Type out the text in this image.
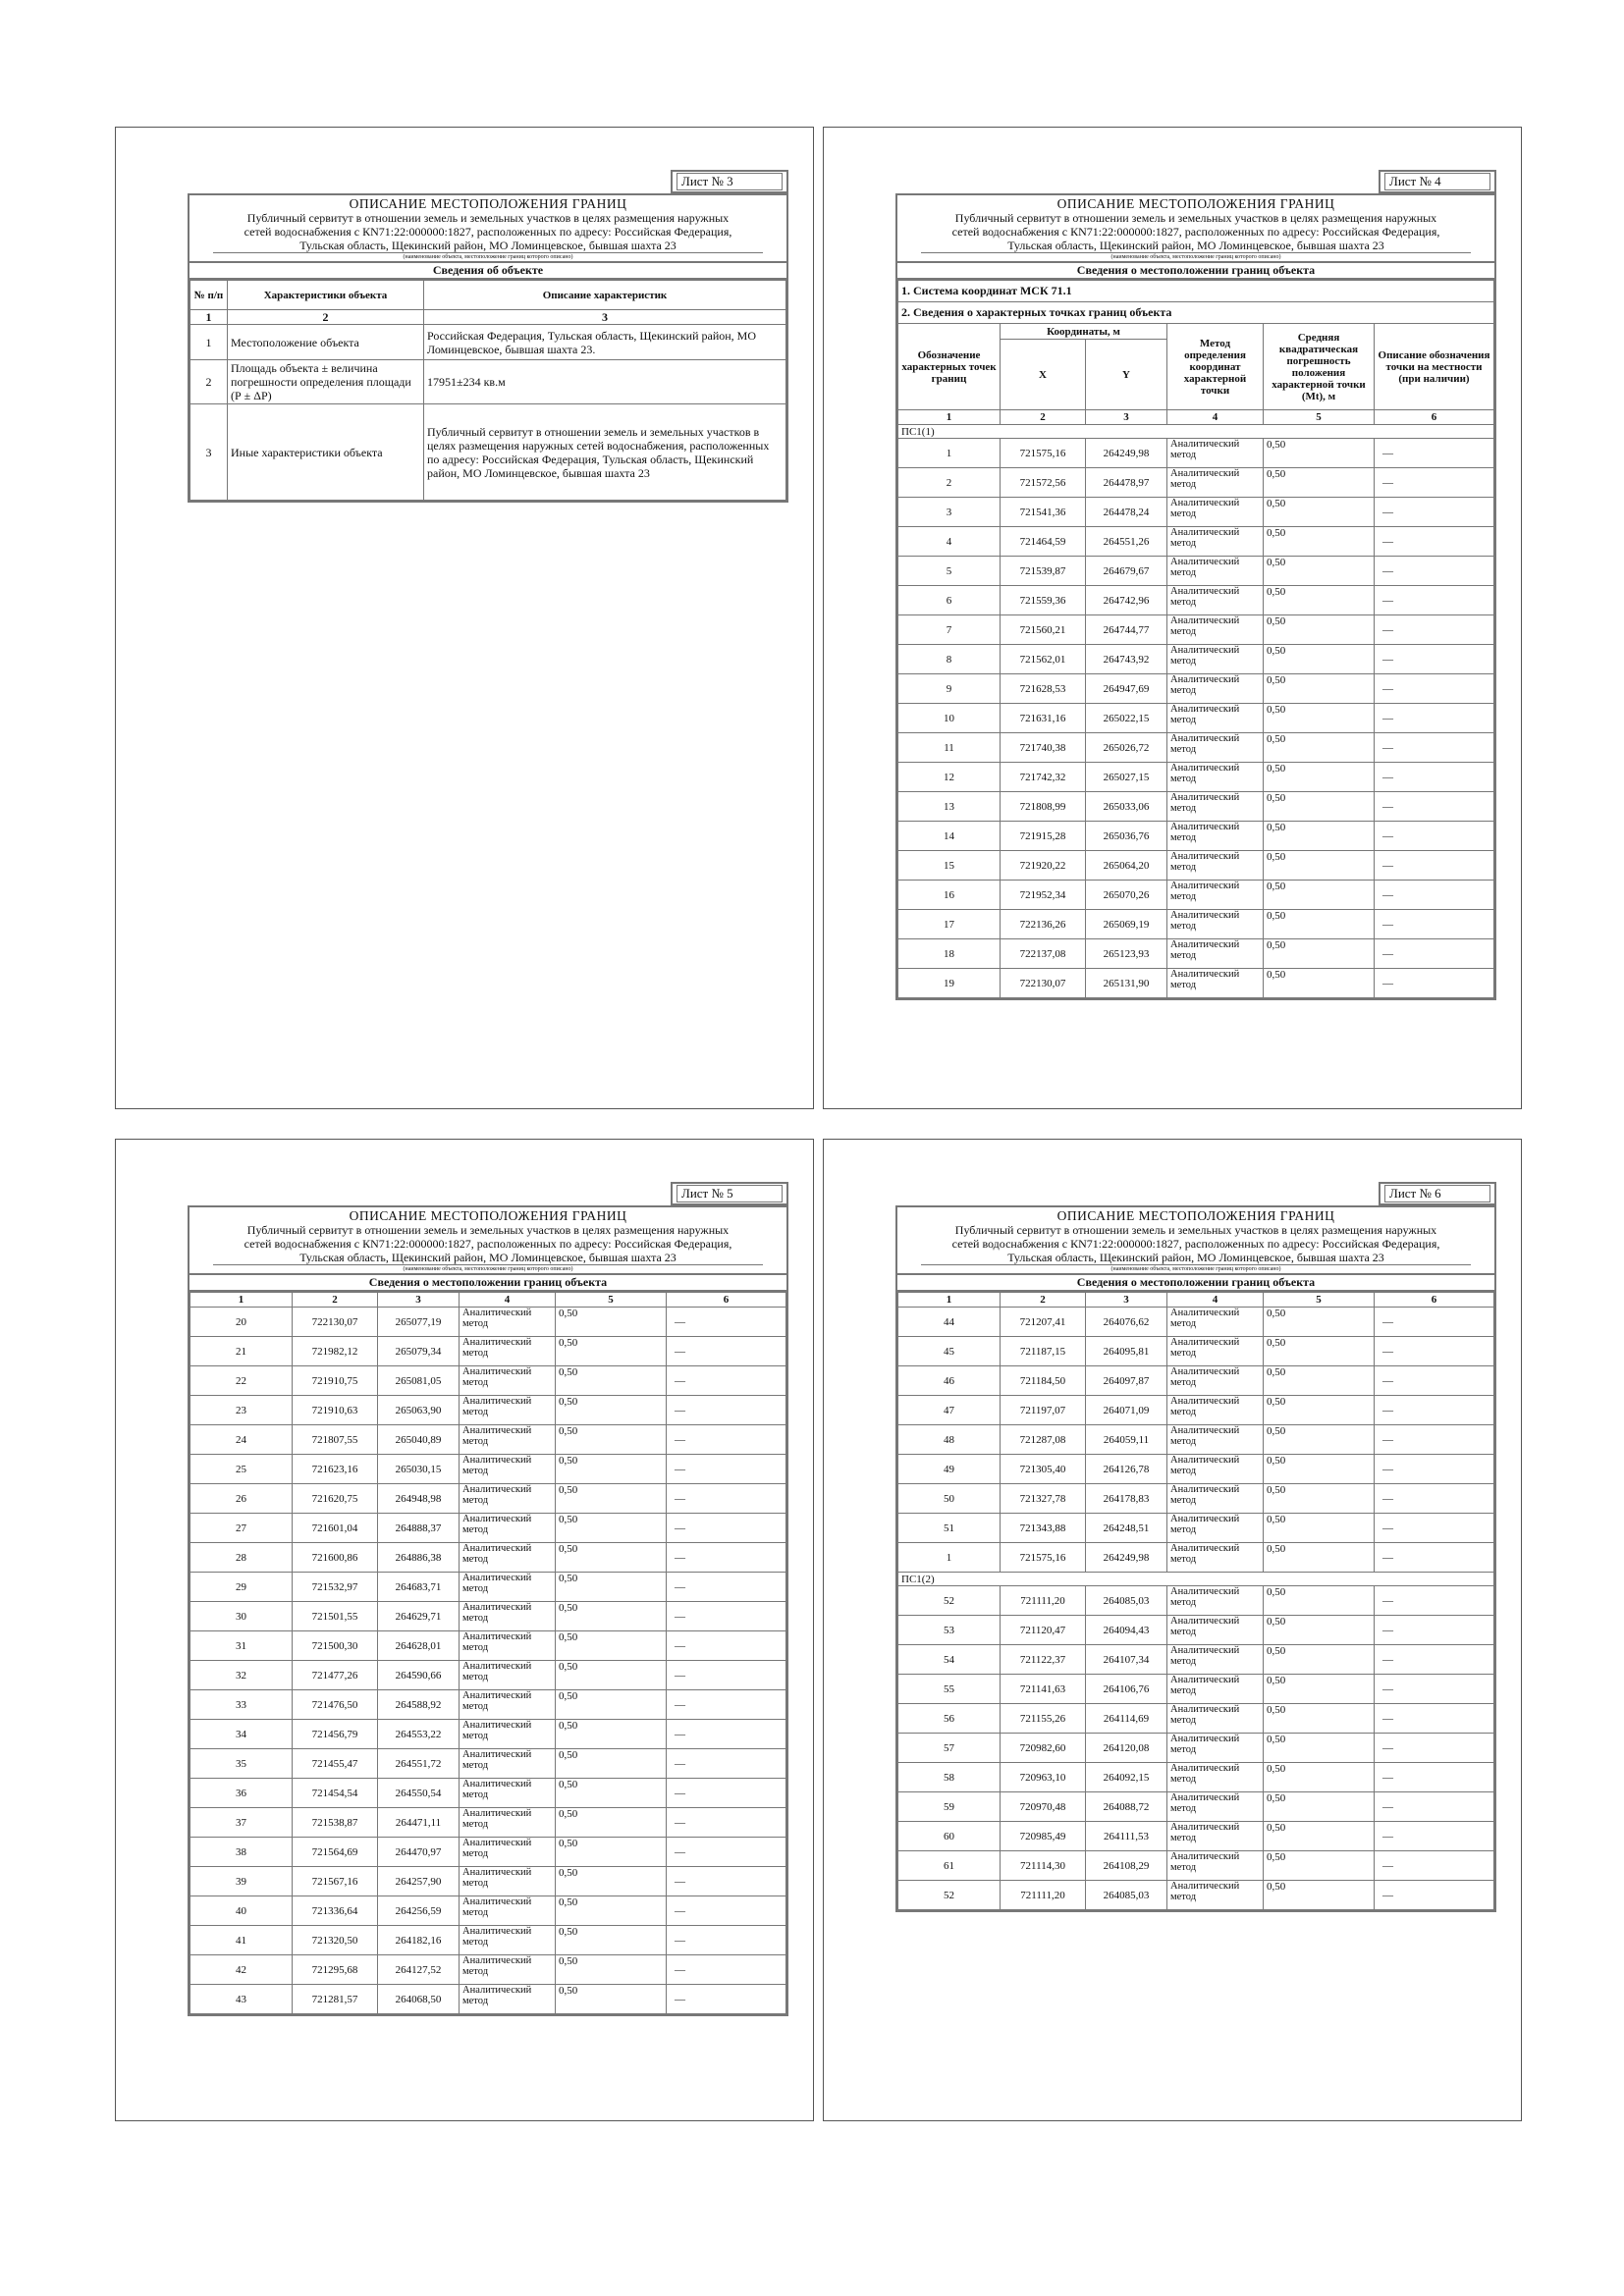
Лист № 3
ОПИСАНИЕ МЕСТОПОЛОЖЕНИЯ ГРАНИЦ
Публичный сервитут в отношении земель и земельных участков в целях размещения наружных
сетей водоснабжения с КN71:22:000000:1827, расположенных по адресу: Российская Федерация,
Тульская область, Щекинский район, МО Ломинцевское, бывшая шахта 23
(наименование объекта, местоположение границ которого описано)
Сведения об объекте
№ п/п	Характеристики объекта	Описание характеристик
1	2	3
1	Местоположение объекта	Российская Федерация, Тульская область, Щекинский район, МО Ломинцевское, бывшая шахта 23.
2	Площадь объекта ± величина погрешности определения площади (Р ± ΔР)	17951±234 кв.м
3	Иные характеристики объекта	Публичный сервитут в отношении земель и земельных участков в целях размещения наружных сетей водоснабжения, расположенных по адресу: Российская Федерация, Тульская область, Щекинский район, МО Ломинцевское, бывшая шахта 23
Лист № 4
ОПИСАНИЕ МЕСТОПОЛОЖЕНИЯ ГРАНИЦ
Публичный сервитут в отношении земель и земельных участков в целях размещения наружных
сетей водоснабжения с КN71:22:000000:1827, расположенных по адресу: Российская Федерация,
Тульская область, Щекинский район, МО Ломинцевское, бывшая шахта 23
(наименование объекта, местоположение границ которого описано)
Сведения о местоположении границ объекта
1. Система координат МСК 71.1					
2. Сведения о характерных точках границ объекта					
Обозначение характерных точек границ	Координаты, м		Метод определения координат характерной точки	Средняя квадратическая погрешность положения характерной точки (Mt), м	Описание обозначения точки на местности (при наличии)
	X	Y			
1	2	3	4	5	6
ПС1(1)					
1	721575,16	264249,98	Аналитический метод	0,50	—
2	721572,56	264478,97	Аналитический метод	0,50	—
3	721541,36	264478,24	Аналитический метод	0,50	—
4	721464,59	264551,26	Аналитический метод	0,50	—
5	721539,87	264679,67	Аналитический метод	0,50	—
6	721559,36	264742,96	Аналитический метод	0,50	—
7	721560,21	264744,77	Аналитический метод	0,50	—
8	721562,01	264743,92	Аналитический метод	0,50	—
9	721628,53	264947,69	Аналитический метод	0,50	—
10	721631,16	265022,15	Аналитический метод	0,50	—
11	721740,38	265026,72	Аналитический метод	0,50	—
12	721742,32	265027,15	Аналитический метод	0,50	—
13	721808,99	265033,06	Аналитический метод	0,50	—
14	721915,28	265036,76	Аналитический метод	0,50	—
15	721920,22	265064,20	Аналитический метод	0,50	—
16	721952,34	265070,26	Аналитический метод	0,50	—
17	722136,26	265069,19	Аналитический метод	0,50	—
18	722137,08	265123,93	Аналитический метод	0,50	—
19	722130,07	265131,90	Аналитический метод	0,50	—
Лист № 5
ОПИСАНИЕ МЕСТОПОЛОЖЕНИЯ ГРАНИЦ
Публичный сервитут в отношении земель и земельных участков в целях размещения наружных
сетей водоснабжения с КN71:22:000000:1827, расположенных по адресу: Российская Федерация,
Тульская область, Щекинский район, МО Ломинцевское, бывшая шахта 23
(наименование объекта, местоположение границ которого описано)
Сведения о местоположении границ объекта
1	2	3	4	5	6
20	722130,07	265077,19	Аналитический метод	0,50	—
21	721982,12	265079,34	Аналитический метод	0,50	—
22	721910,75	265081,05	Аналитический метод	0,50	—
23	721910,63	265063,90	Аналитический метод	0,50	—
24	721807,55	265040,89	Аналитический метод	0,50	—
25	721623,16	265030,15	Аналитический метод	0,50	—
26	721620,75	264948,98	Аналитический метод	0,50	—
27	721601,04	264888,37	Аналитический метод	0,50	—
28	721600,86	264886,38	Аналитический метод	0,50	—
29	721532,97	264683,71	Аналитический метод	0,50	—
30	721501,55	264629,71	Аналитический метод	0,50	—
31	721500,30	264628,01	Аналитический метод	0,50	—
32	721477,26	264590,66	Аналитический метод	0,50	—
33	721476,50	264588,92	Аналитический метод	0,50	—
34	721456,79	264553,22	Аналитический метод	0,50	—
35	721455,47	264551,72	Аналитический метод	0,50	—
36	721454,54	264550,54	Аналитический метод	0,50	—
37	721538,87	264471,11	Аналитический метод	0,50	—
38	721564,69	264470,97	Аналитический метод	0,50	—
39	721567,16	264257,90	Аналитический метод	0,50	—
40	721336,64	264256,59	Аналитический метод	0,50	—
41	721320,50	264182,16	Аналитический метод	0,50	—
42	721295,68	264127,52	Аналитический метод	0,50	—
43	721281,57	264068,50	Аналитический метод	0,50	—
Лист № 6
ОПИСАНИЕ МЕСТОПОЛОЖЕНИЯ ГРАНИЦ
Публичный сервитут в отношении земель и земельных участков в целях размещения наружных
сетей водоснабжения с КN71:22:000000:1827, расположенных по адресу: Российская Федерация,
Тульская область, Щекинский район, МО Ломинцевское, бывшая шахта 23
(наименование объекта, местоположение границ которого описано)
Сведения о местоположении границ объекта
1	2	3	4	5	6
44	721207,41	264076,62	Аналитический метод	0,50	—
45	721187,15	264095,81	Аналитический метод	0,50	—
46	721184,50	264097,87	Аналитический метод	0,50	—
47	721197,07	264071,09	Аналитический метод	0,50	—
48	721287,08	264059,11	Аналитический метод	0,50	—
49	721305,40	264126,78	Аналитический метод	0,50	—
50	721327,78	264178,83	Аналитический метод	0,50	—
51	721343,88	264248,51	Аналитический метод	0,50	—
1	721575,16	264249,98	Аналитический метод	0,50	—
ПС1(2)					
52	721111,20	264085,03	Аналитический метод	0,50	—
53	721120,47	264094,43	Аналитический метод	0,50	—
54	721122,37	264107,34	Аналитический метод	0,50	—
55	721141,63	264106,76	Аналитический метод	0,50	—
56	721155,26	264114,69	Аналитический метод	0,50	—
57	720982,60	264120,08	Аналитический метод	0,50	—
58	720963,10	264092,15	Аналитический метод	0,50	—
59	720970,48	264088,72	Аналитический метод	0,50	—
60	720985,49	264111,53	Аналитический метод	0,50	—
61	721114,30	264108,29	Аналитический метод	0,50	—
52	721111,20	264085,03	Аналитический метод	0,50	—
